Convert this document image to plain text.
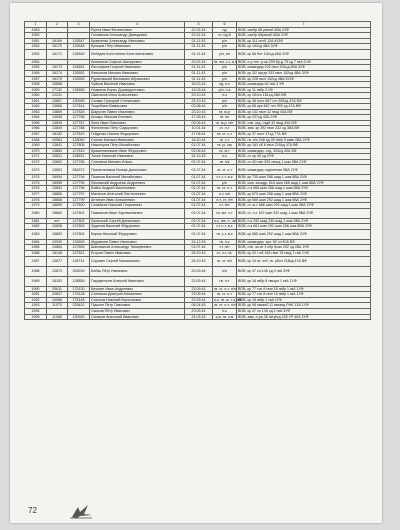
1	2	3	4	5	6	7
1949			Руппа Иван Филиппович	22.02.44	пд	ВОВ, сапбр 68 рвмхб 4ВА 2УФ
1950			Голованов Александр Давыдович	22.02.44	ст. пд-й	ВОВ, сапбр 68рвмхб 4ВА 2УФ
1951	16169	126547	Кравченко Александр Иванович	01.11.43	р/п	ВОВ, кр 111 оптб 12А ЮЗФ
1952	16170	126548	Кульков Пётр Иванович	01.11.43	р/п	ВОВ, кр 152сд 4ВА 3УФ
1953	16171	126549	Лебедев Константин Константинович	01.11.43	р/п, ин	ВОВ, кр 66 бот 152сд 4ВА 3УФ
1954			Аписимов Софьян Шакирович	23.02.44	гв. мл. с-т, в-к	ВОВ, п-р тех. р-ка 209 бр-д 73 сд 7 гвА СтФ
1955	16173	126551	Евстафьев Георгий Иванович	01.11.43	р/п	ВОВ, командир 102 гвсп 152сд 4ВА 3УФ
1956	16174	126552	Фатьянов Михаил Иванович	01.11.43	р/п	ВОВ, кр 3/2 артдт 333 гвсп 152сд 4ВА 3УФ
1957	16175	126553	Руриковский Вениамин Абрамович	01.11.43	р/п	ВОВ, кр 228 гвсп 152сд 4ВА ЮЗФ
1958	15858		Чуйков Василий Иванович	18.03.44	пд, н-к	ВОВ, командир 62 гвА 3 УФ
1959	17132	126555	Номинов Борис Дормидонтович	19.03.44	р/п, н-к	ВОВ, кр 11 гвбр 3 УФ
1960	12241		Ожигалов Илья Алексеевич	23.10.43	п-к	ВОВ, кр 151сп 161сд 4ВА ВФ
1961	13867	130945	Силкин Григорий Степанович	23.10.43	р/п	ВОВ, кр 46 пост 667 гсп 393сд 47А ВФ
1962	13868	127814	Тощебаев Мамасыма	03.06.44	р/п	ВОВ, кр 68 ирк 667 гсп 393 сд 47А ВФ
1963	13869	127825	Шарухин Павел Иванович	23.10.43	гв. м-р	ВОВ, кр 132 гвсп 42 гвсд 40А ВФ
1964	13838	127786	Козырь Максим Есеевич	17.05.44	гв. ел	ВОВ, кр 237сд 40А 2УФ
1965	13839	127787	Зеня Иван Павлович	03.06.44	гв. м-р, п/п	ВОВ, отв. отд. отдб 42 гвсд 40А ВФ
1966	13840	127788	Филоненко Петр Сидорович	10.01.44	ст. л-т	ВОВ, зам. кр 392 гвсп 232 сд 38А ВФ
1967	18152	127819	Гейденко Никита Федорович	17.05.44	гв. ст. с-т	ВОВ, кр 37 пост 47сд 77А ВФ
1968	20564	128052	Ситкин Михаил Иванович	16.10.44	гв. с-т	ВОВ, гв.-п/п 248 сд 39 гвбр 5 кавк 2ВА 2УФ
1969	13841	127805	Никоноров Пётр Михайлович	01.07.44	гв. р/, мр	ВОВ, кр 161 сб 6 гвсп 218сд 47А ВФ
1970	13869	127815	Крашенинников Иван Фёдорович	03.06.44	гв. м-т	ВОВ, командир. отд. 303сд 40А ВФ
1971	10631	128831	Тяпое Николай Иванович	24.12.43	п-к	ВОВ, ст. кр 40 сд 2УФ
1972	13852	127785	Степанов Михаил Ильич	01.07.44	гв. п/к	ВОВ, ст. 80 сап 292 гвпсд 1 шак 5ВА 2УФ
1973	13853	084572	Похмельников Иосиф Данилович	01.07.44	гв. ст. с-т	ВОВ, командир отделения 5ВА 2УФ
1974	18954	127794	Пьянков Василий Михайлович	01.07.44	ст. с-т, в-к	ВОВ, кр 735 шап 266 шад 1 шак 5ВА 2УФ
1975	18955	127795	Ляхомский Андроник Андреевич	01.07.44	р/п	ВОВ, ком. эскадр. 810 шап 266 шад 1 шак 5ВА 2УФ
1976	13854	127796	Бойко Андрей Васильевич	01.07.44	гв. ст. л-т	ВОВ, н-к 565 шап 266 шад 1 шак 5ВА 2УФ
1977	18856	127797	Матюков Анатолий Пантелеевич	01.07.44	л-т, п/п	ВОВ, кр 673 шап 266 шад 1 шак 5ВА 2УФ
1978	18858	127799	Антипин Иван Алексеевич	01.07.44	л-т, ст. п/п	ВОВ, кр 565 шап 292 шад 1 шак 5ВА 2УФ
1979	18859	127800	Стовбров Николай Георгиевич	01.07.44	ст. п/п	ВОВ, ст. ж-т 566 шап 292 шад 1 шак 5ВА 2УФ
1980	18860	127801	Пикманов Иван Харлампиевич	01.07.44	гв. мл. с-т	ВОВ, ст. л-т 167 шап 292 шад 1 шак 5ВА 2УФ
1981	нет	127802	Луганский Сергей Данилович	01.07.44	п-к, гвк. н., вк	ВОВ, н-к 292 шад 230 шад 1 шак 5ВА 2УФ
1982	13808	127803	Зудилов Василий Фёдорович	01.07.44	ст. с-т, в-к	ВОВ, н-к 661 шап 292 шап 266 шак 5ВА 2УФ
1983	18853	127804	Бирюк Николай Фёдорович	01.07.44	гв. с-т, в-к	ВОВ, кр 565 шап 292 шад 1 шак 5ВА 2УФ
1984	10930	128929	Журавлев Павел Иванович	24.12.43	гв. п-к	ВОВ, командир. арт. 52 сп 40А ВФ
1985	13863	127805	Шаповалов Александр Тимофеевич	01.07.44	ст. п/п	ВОВ, отв. за сп 3 сбр 6сап 202 сд 28А 1УФ
1986	18148	127821	Егоров Павел Иванович	26.10.43	ст. л-т, гв.	ВОВ, кр 20 г иб 158 гвсп 78 гвсд 7 гвА СтФ
1987	13877	128741	Сорокин Сергей Максимович	26.10.43	гв. ст. п/н	ВОВ, кр 10 гв. огб. гв. рбсп 218сд 47А ВФ
1988	13873	263916	Бабак Пётр Иванович	23.09.44	п/п	ВОВ, кр 47 сп 145 сд 2 гвА 3УФ
1989	18153	128855	Парфантьев Алексей Иванович	23.09.44	гв. л-т	ВОВ, кр 16 гвбр 8 гвкорп 1 гвА 1УФ
1990	20611	175130	Кичигин Иван Андреевич	23.09.44	гв. ст. л-т, п/п	ВОВ, кр 77 тсп 8 гвтк 16 гвбр 1 гвА 1УФ
1991	20607	175128	Степанов Дмитрий Матвеевич	23.09.44	гв. ст. л-т	ВОВ, кр 77 тсп 8 гвтк 16 гвбр 1 гвА 1УФ
1992	10986	175148	Соколов Николай Васильевич	23.09.44	п-к, гв. ш. т-к, ИБ	ВОВ, кр 18 гвбр 1 гвА 1УФ
1993	11070	228420	Пушкин Пётр Павлович	06.04.45	гв. ст. л-т, п/п	ВОВ, кр 98 гвиапб 11 гвиапд РНК 13А 1УФ
1994			Сынков Пётр Иванович	23.09.44	п-к	ВОВ, кр 47 сп 145 сд 2 гвА 3УФ
1995	11066	130930	Синьков Анатолий Иванович	24.03.45	к-м, гв. к-м	ВОВ, зам. н-ра 36 гвтупгд 155 УР 40А 2УФ
72
